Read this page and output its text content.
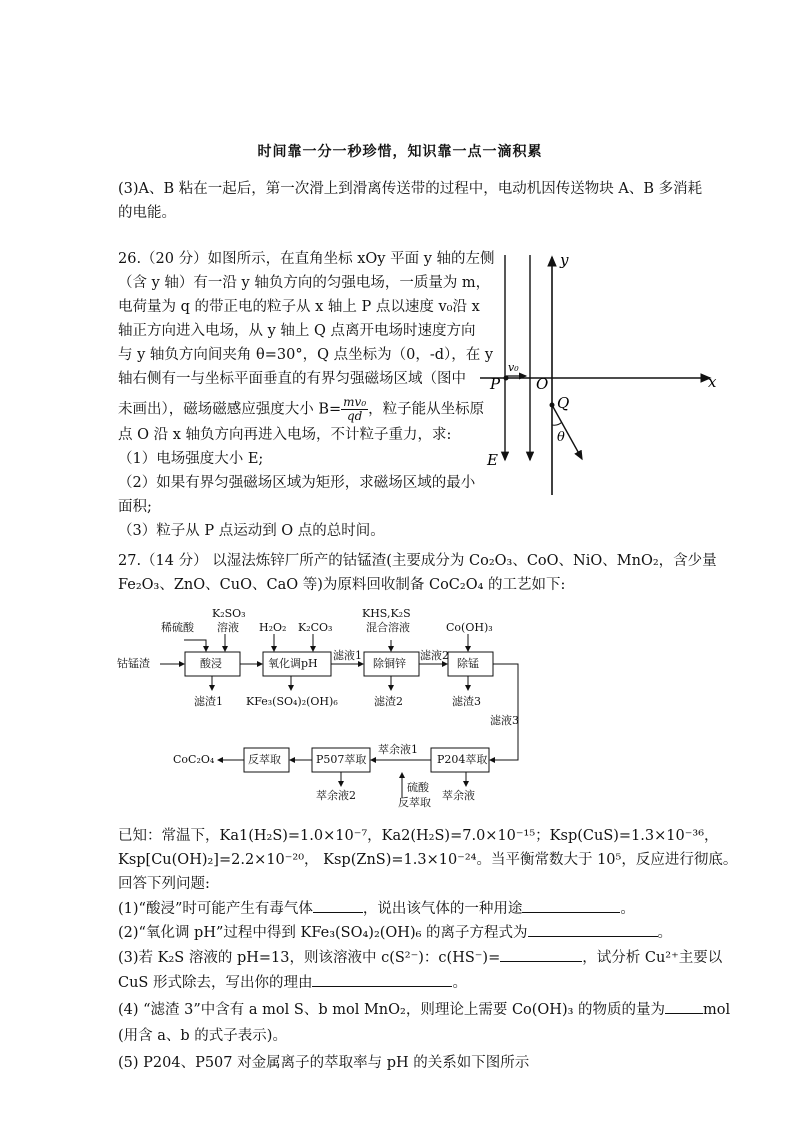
时间靠一分一秒珍惜，知识靠一点一滴积累
(3)A、B 粘在一起后，第一次滑上到滑离传送带的过程中，电动机因传送物块 A、B 多消耗
的电能。
26.（20 分）如图所示，在直角坐标 xOy 平面 y 轴的左侧
（含 y 轴）有一沿 y 轴负方向的匀强电场，一质量为 m，
电荷量为 q 的带正电的粒子从 x 轴上 P 点以速度 v₀沿 x
轴正方向进入电场，从 y 轴上 Q 点离开电场时速度方向
与 y 轴负方向间夹角 θ=30°，Q 点坐标为（0，-d），在 y
轴右侧有一与坐标平面垂直的有界匀强磁场区域（图中
未画出），磁场磁感应强度大小 $B= \frac{\text{mv₀}}{qd}$ ，粒子能从坐标原
点 O 沿 x 轴负方向再进入电场，不计粒子重力，求:
（1）电场强度大小 E;
（2）如果有界匀强磁场区域为矩形，求磁场区域的最小
面积;
（3）粒子从 P 点运动到 O 点的总时间。
y
x
P O
Q
E
v₀
θ
27.（14 分） 以湿法炼锌厂所产的钴锰渣(主要成分为 Co₂O₃、CoO、NiO、MnO₂，含少量
Fe₂O₃、ZnO、CuO、CaO 等)为原料回收制备 CoC₂O₄ 的工艺如下:
钴锰渣
稀硫酸
K₂SO₃
溶液 H₂O₂ K₂CO₃
KHS,K₂S
混合溶液	Co(OH)₃
酸浸	氧化调pH	除铜锌	除锰
滤液1	滤液2
滤液3
滤渣1 KFe₃(SO₄)₂(OH)₆	滤渣2	滤渣3
P204萃取
P507萃取
反萃取
CoC₂O₄
萃余液1
萃余液2	萃余液
硫酸
反萃取
已知：常温下，Ka1(H₂S)=1.0×10⁻⁷，Ka2(H₂S)=7.0×10⁻¹⁵；Ksp(CuS)=1.3×10⁻³⁶，
Ksp[Cu(OH)₂]=2.2×10⁻²⁰， Ksp(ZnS)=1.3×10⁻²⁴。当平衡常数大于 10⁵，反应进行彻底。
回答下列问题:
(1)“酸浸”时可能产生有毒气体	，说出该气体的一种用途	。
(2)“氧化调 pH”过程中得到 KFe₃(SO₄)₂(OH)₆ 的离子方程式为	。
(3)若 K₂S 溶液的 pH=13，则该溶液中 c(S²⁻)：c(HS⁻)=	，试分析 Cu²⁺主要以
CuS 形式除去，写出你的理由	。
(4) “滤渣 3”中含有 a mol S、b mol MnO₂，则理论上需要 Co(OH)₃ 的物质的量为	mol
(用含 a、b 的式子表示)。
(5) P204、P507 对金属离子的萃取率与 pH 的关系如下图所示
